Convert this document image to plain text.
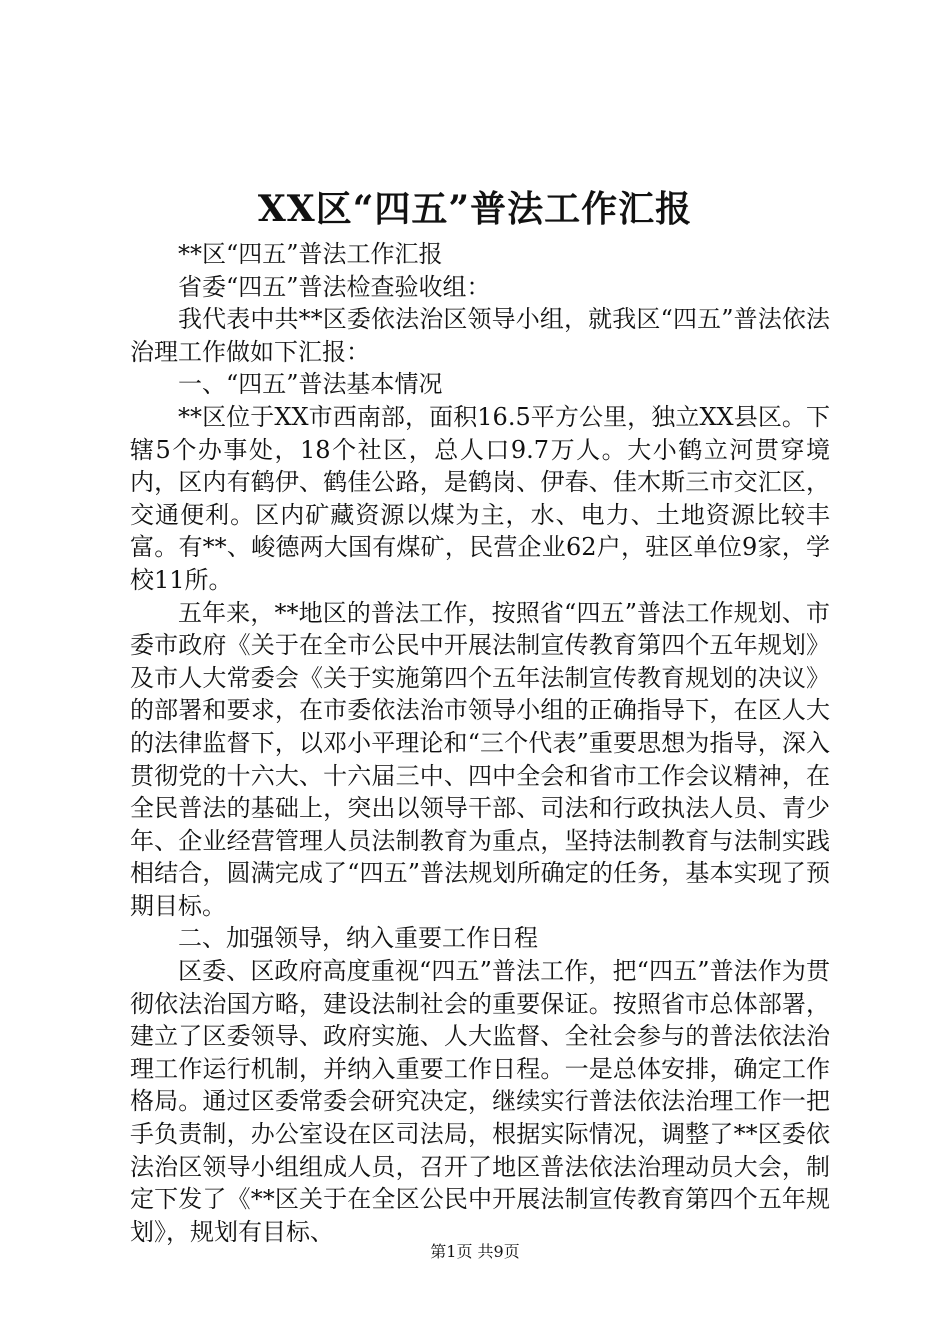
XX区“四五”普法工作汇报

**区“四五”普法工作汇报

省委“四五”普法检查验收组：

我代表中共**区委依法治区领导小组，就我区“四五”普法依法治理工作做如下汇报：

一、“四五”普法基本情况

**区位于XX市西南部，面积16.5平方公里，独立XX县区。下辖5个办事处，18个社区，总人口9.7万人。大小鹤立河贯穿境内，区内有鹤伊、鹤佳公路，是鹤岗、伊春、佳木斯三市交汇区，交通便利。区内矿藏资源以煤为主，水、电力、土地资源比较丰富。有**、峻德两大国有煤矿，民营企业62户，驻区单位9家，学校11所。

五年来，**地区的普法工作，按照省“四五”普法工作规划、市委市政府《关于在全市公民中开展法制宣传教育第四个五年规划》及市人大常委会《关于实施第四个五年法制宣传教育规划的决议》的部署和要求，在市委依法治市领导小组的正确指导下，在区人大的法律监督下，以邓小平理论和“三个代表”重要思想为指导，深入贯彻党的十六大、十六届三中、四中全会和省市工作会议精神，在全民普法的基础上，突出以领导干部、司法和行政执法人员、青少年、企业经营管理人员法制教育为重点，坚持法制教育与法制实践相结合，圆满完成了“四五”普法规划所确定的任务，基本实现了预期目标。

二、加强领导，纳入重要工作日程

区委、区政府高度重视“四五”普法工作，把“四五”普法作为贯彻依法治国方略，建设法制社会的重要保证。按照省市总体部署，建立了区委领导、政府实施、人大监督、全社会参与的普法依法治理工作运行机制，并纳入重要工作日程。一是总体安排，确定工作格局。通过区委常委会研究决定，继续实行普法依法治理工作一把手负责制，办公室设在区司法局，根据实际情况，调整了**区委依法治区领导小组组成人员，召开了地区普法依法治理动员大会，制定下发了《**区关于在全区公民中开展法制宣传教育第四个五年规划》，规划有目标、

第1页 共9页
